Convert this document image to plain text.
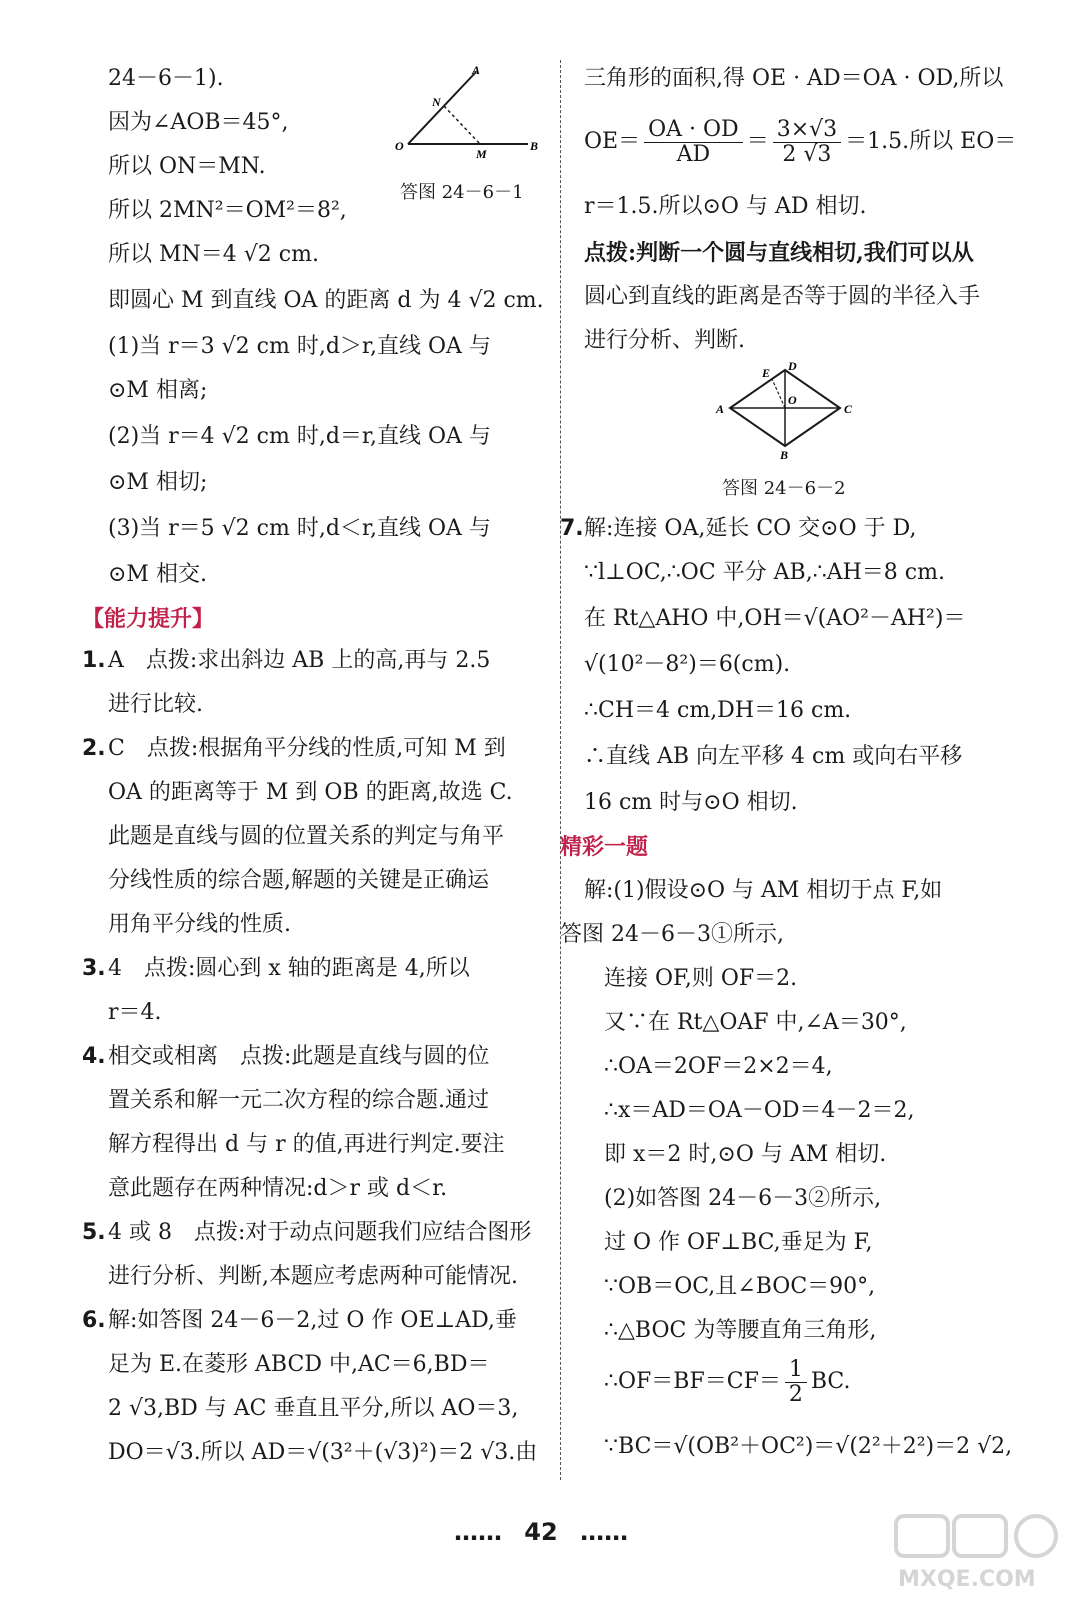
24－6－1).
因为∠AOB＝45°,
所以 ON＝MN.
所以 2MN²＝OM²＝8²,
所以 MN＝4 √2 cm.
即圆心 M 到直线 OA 的距离 d 为 4 √2 cm.
(1)当 r＝3 √2 cm 时,d＞r,直线 OA 与
⊙M 相离;
(2)当 r＝4 √2 cm 时,d＝r,直线 OA 与
⊙M 相切;
(3)当 r＝5 √2 cm 时,d＜r,直线 OA 与
⊙M 相交.
A
N
O
M
B
答图 24－6－1
【能力提升】
1. A　点拨:求出斜边 AB 上的高,再与 2.5
进行比较.
2. C　点拨:根据角平分线的性质,可知 M 到
OA 的距离等于 M 到 OB 的距离,故选 C.
此题是直线与圆的位置关系的判定与角平
分线性质的综合题,解题的关键是正确运
用角平分线的性质.
3. 4　点拨:圆心到 x 轴的距离是 4,所以
r＝4.
4. 相交或相离　点拨:此题是直线与圆的位
置关系和解一元二次方程的综合题.通过
解方程得出 d 与 r 的值,再进行判定.要注
意此题存在两种情况:d＞r 或 d＜r.
5. 4 或 8　点拨:对于动点问题我们应结合图形
进行分析、判断,本题应考虑两种可能情况.
6. 解:如答图 24－6－2,过 O 作 OE⊥AD,垂
足为 E.在菱形 ABCD 中,AC＝6,BD＝
2 √3,BD 与 AC 垂直且平分,所以 AO＝3,
DO＝√3.所以 AD＝√(3²＋(√3)²)＝2 √3.由
三角形的面积,得 OE · AD＝OA · OD,所以
$OE= \frac{OA \cdot OD}{AD} = \frac{3\times√3}{2 √3} =1.5$.所以 EO＝
r＝1.5.所以⊙O 与 AD 相切.
点拨:判断一个圆与直线相切,我们可以从
圆心到直线的距离是否等于圆的半径入手
进行分析、判断.
A
B
C
D
E
O
答图 24－6－2
7. 解:连接 OA,延长 CO 交⊙O 于 D,
∵l⊥OC,∴OC 平分 AB,∴AH＝8 cm.
在 Rt△AHO 中,OH＝√(AO²－AH²)＝
√(10²－8²)＝6(cm).
∴CH＝4 cm,DH＝16 cm.
∴直线 AB 向左平移 4 cm 或向右平移
16 cm 时与⊙O 相切.
精彩一题
解:(1)假设⊙O 与 AM 相切于点 F,如
答图 24－6－3①所示,
连接 OF,则 OF＝2.
又∵在 Rt△OAF 中,∠A＝30°,
∴OA＝2OF＝2×2＝4,
∴x＝AD＝OA－OD＝4－2＝2,
即 x＝2 时,⊙O 与 AM 相切.
(2)如答图 24－6－3②所示,
过 O 作 OF⊥BC,垂足为 F,
∵OB＝OC,且∠BOC＝90°,
∴△BOC 为等腰直角三角形,
∴OF＝BF＝CF＝ $\frac{1}{2}$ BC.
∵BC＝√(OB²＋OC²)＝√(2²＋2²)＝2 √2,
…… 42 ……
MXQE.COM
